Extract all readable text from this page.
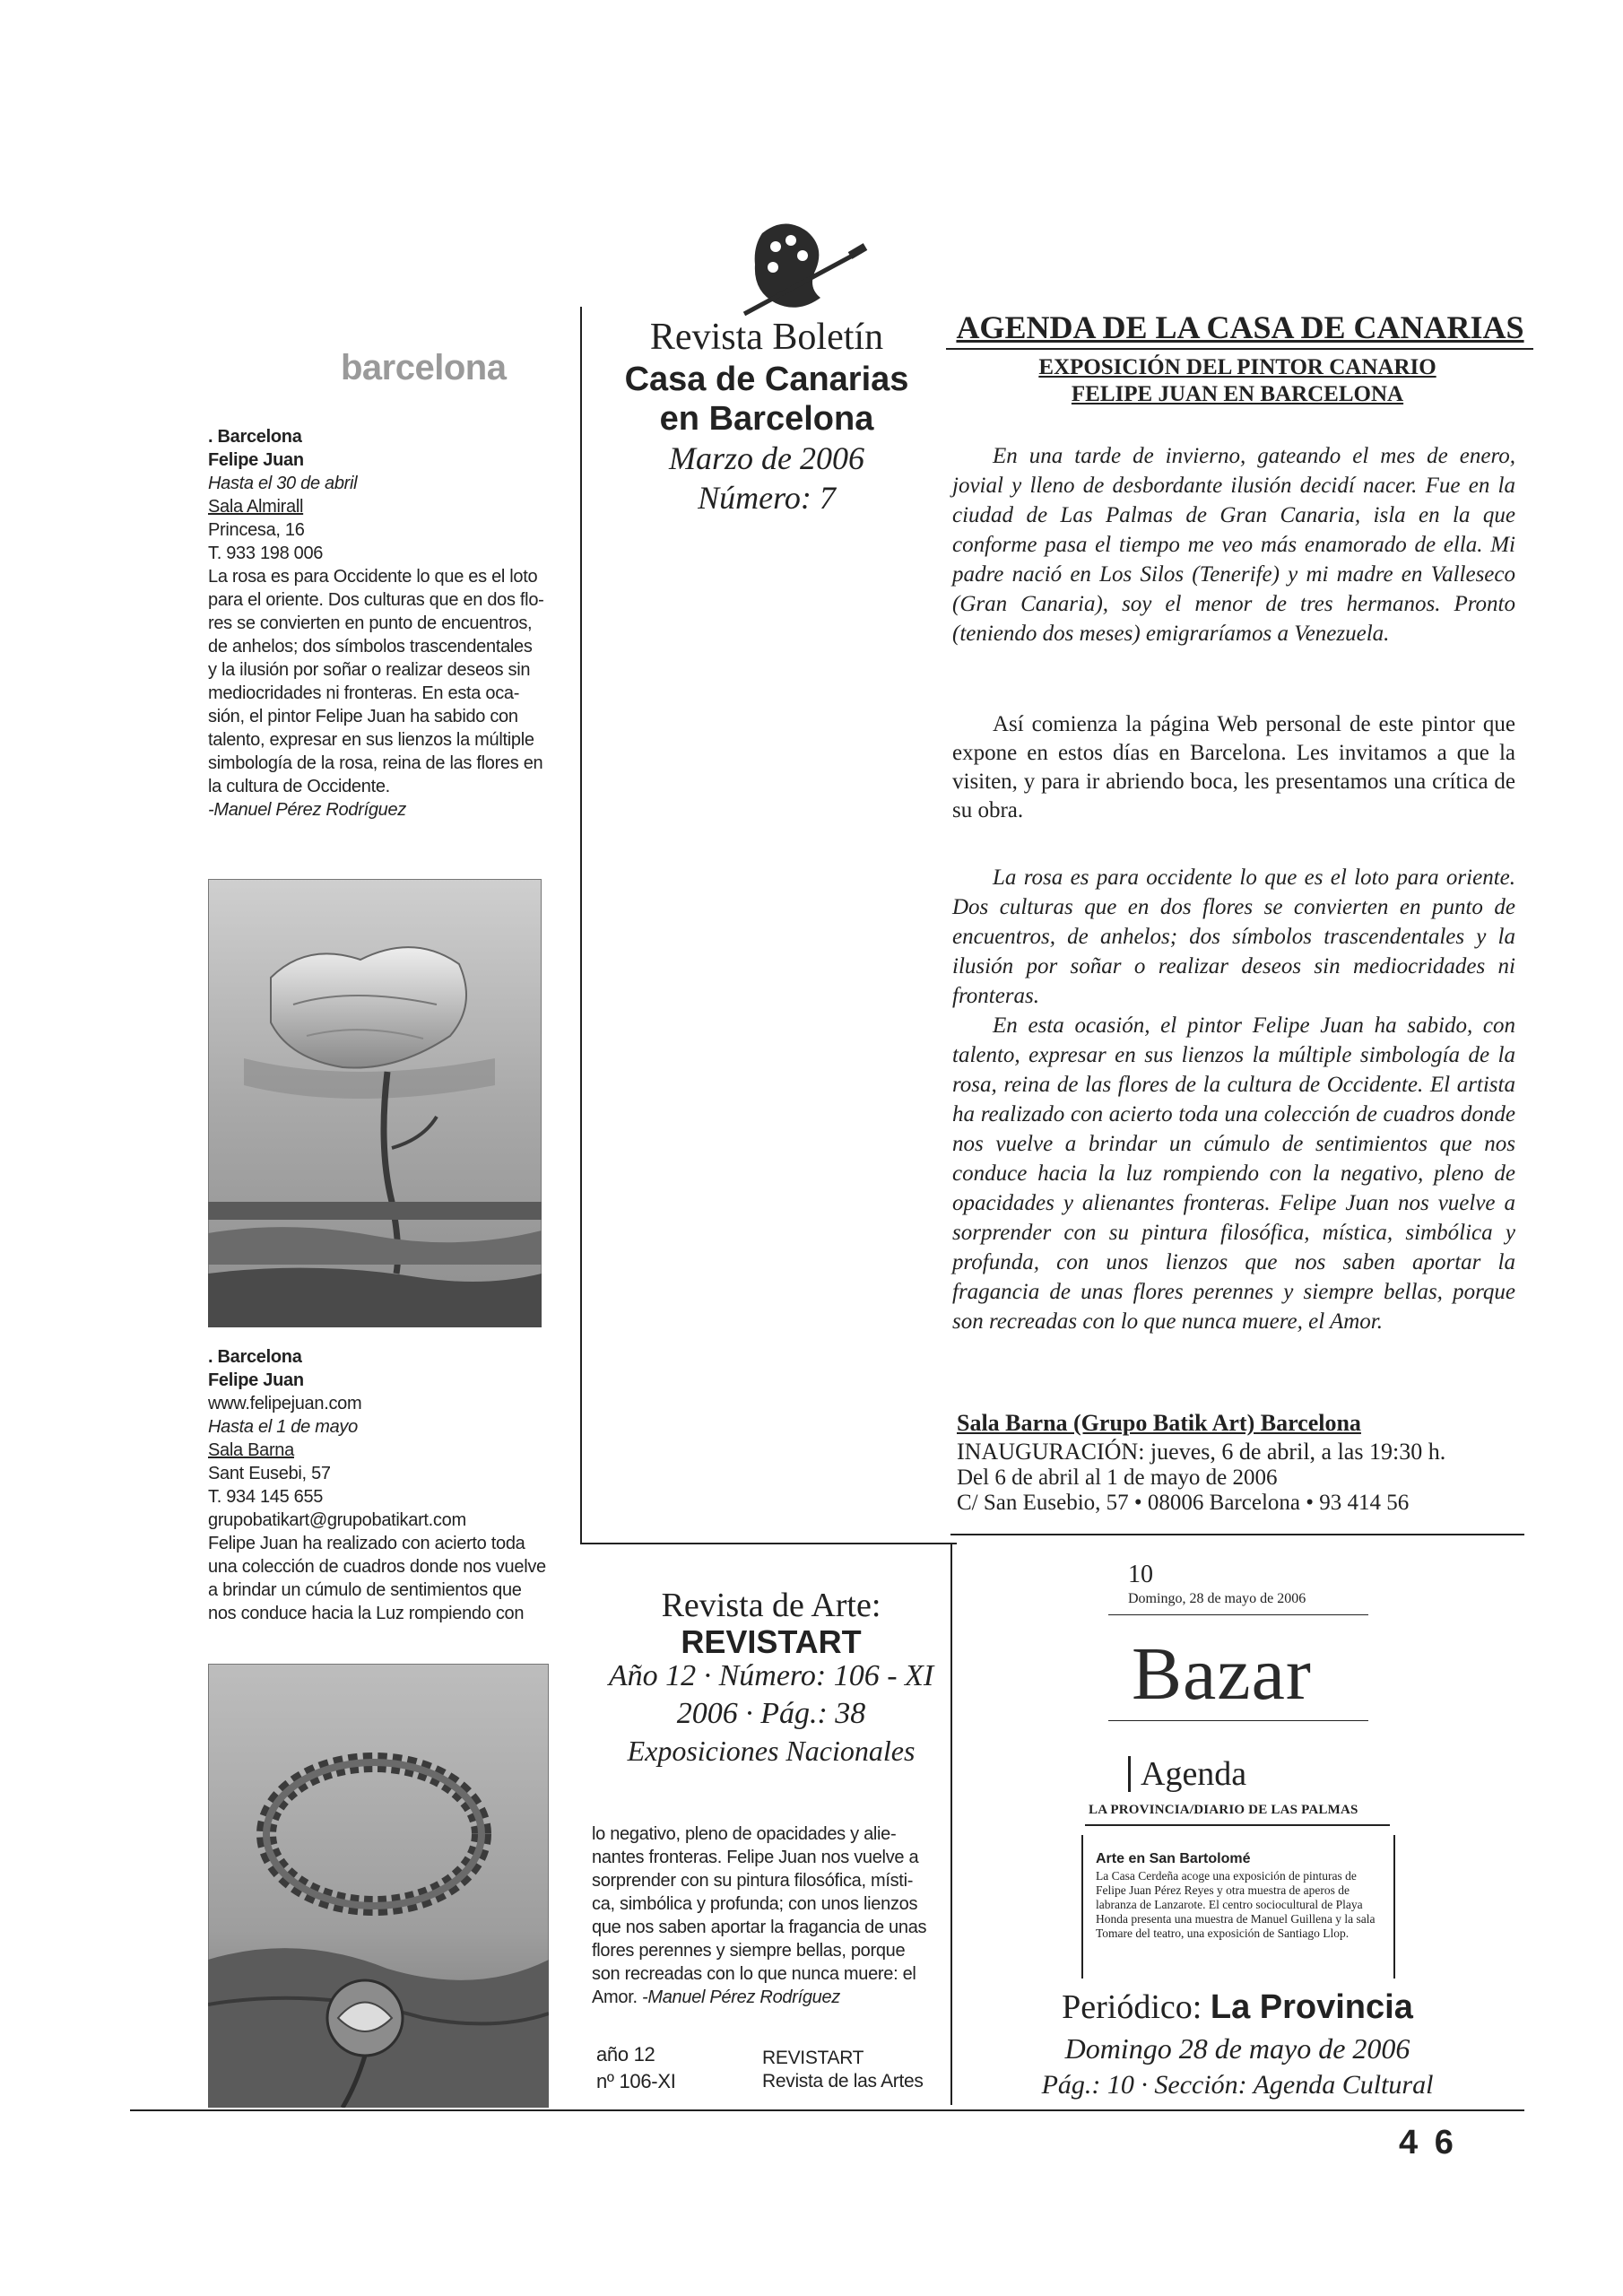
barcelona
. Barcelona
Felipe Juan
Hasta el 30 de abril
Sala Almirall
Princesa, 16
T. 933 198 006
La rosa es para Occidente lo que es el loto
para el oriente. Dos culturas que en dos flo-
res se convierten en punto de encuentros,
de anhelos; dos símbolos trascendentales
y la ilusión por soñar o realizar deseos sin
mediocridades ni fronteras. En esta oca-
sión, el pintor Felipe Juan ha sabido con
talento, expresar en sus lienzos la múltiple
simbología de la rosa, reina de las flores en
la cultura de Occidente.
-Manuel Pérez Rodríguez
. Barcelona
Felipe Juan
www.felipejuan.com
Hasta el 1 de mayo
Sala Barna
Sant Eusebi, 57
T. 934 145 655
grupobatikart@grupobatikart.com
Felipe Juan ha realizado con acierto toda
una colección de cuadros donde nos vuelve
a brindar un cúmulo de sentimientos que
nos conduce hacia la Luz rompiendo con
Revista Boletín
Casa de Canarias
en Barcelona
Marzo de 2006
Número: 7
Revista de Arte:
REVISTART
Año 12 · Número: 106 - XI
2006 · Pág.: 38
Exposiciones Nacionales
lo negativo, pleno de opacidades y alie-
nantes fronteras. Felipe Juan nos vuelve a
sorprender con su pintura filosófica, místi-
ca, simbólica y profunda; con unos lienzos
que nos saben aportar la fragancia de unas
flores perennes y siempre bellas, porque
son recreadas con lo que nunca muere: el
Amor. -Manuel Pérez Rodríguez
año 12
nº 106-XI
REVISTART
Revista de las Artes
AGENDA DE LA CASA DE CANARIAS
EXPOSICIÓN DEL PINTOR CANARIO
FELIPE JUAN EN BARCELONA
En una tarde de invierno, gateando el mes de enero, jovial y lleno de desbordante ilusión decidí nacer. Fue en la ciudad de Las Palmas de Gran Canaria, isla en la que conforme pasa el tiempo me veo más enamorado de ella. Mi padre nació en Los Silos (Tenerife) y mi madre en Valleseco (Gran Canaria), soy el menor de tres hermanos. Pronto (teniendo dos meses) emigraríamos a Venezuela.
Así comienza la página Web personal de este pintor que expone en estos días en Barcelona. Les invitamos a que la visiten, y para ir abriendo boca, les presentamos una crítica de su obra.
La rosa es para occidente lo que es el loto para oriente. Dos culturas que en dos flores se convierten en punto de encuentros, de anhelos; dos símbolos trascendentales y la ilusión por soñar o realizar deseos sin mediocridades ni fronteras.
En esta ocasión, el pintor Felipe Juan ha sabido, con talento, expresar en sus lienzos la múltiple simbología de la rosa, reina de las flores de la cultura de Occidente. El artista ha realizado con acierto toda una colección de cuadros donde nos vuelve a brindar un cúmulo de sentimientos que nos conduce hacia la luz rompiendo con la negativo, pleno de opacidades y alienantes fronteras. Felipe Juan nos vuelve a sorprender con su pintura filosófica, mística, simbólica y profunda, con unos lienzos que nos saben aportar la fragancia de unas flores perennes y siempre bellas, porque son recreadas con lo que nunca muere, el Amor.
Sala Barna (Grupo Batik Art) Barcelona
INAUGURACIÓN: jueves, 6 de abril, a las 19:30 h.
Del 6 de abril al 1 de mayo de 2006
C/ San Eusebio, 57 • 08006 Barcelona • 93 414 56
10
Domingo, 28 de mayo de 2006
Bazar
Agenda
LA PROVINCIA/DIARIO DE LAS PALMAS
Arte en San Bartolomé
La Casa Cerdeña acoge una exposición de pinturas de Felipe Juan Pérez Reyes y otra muestra de aperos de labranza de Lanzarote. El centro sociocultural de Playa Honda presenta una muestra de Manuel Guillena y la sala Tomare del teatro, una exposición de Santiago Llop.
Periódico: La Provincia
Domingo 28 de mayo de 2006
Pág.: 10 · Sección: Agenda Cultural
4 6
